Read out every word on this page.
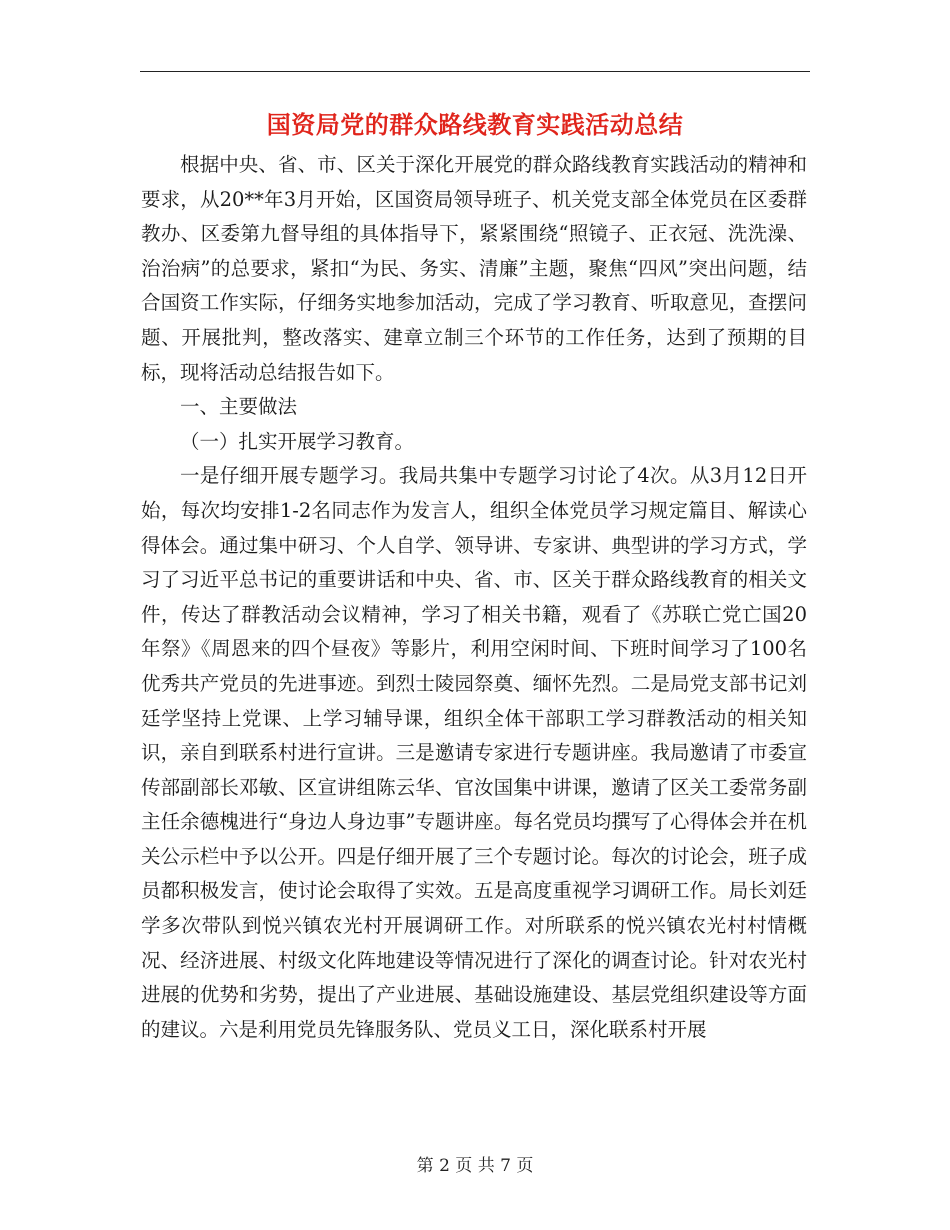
国资局党的群众路线教育实践活动总结

根据中央、省、市、区关于深化开展党的群众路线教育实践活动的精神和要求，从20**年3月开始，区国资局领导班子、机关党支部全体党员在区委群教办、区委第九督导组的具体指导下，紧紧围绕“照镜子、正衣冠、洗洗澡、治治病”的总要求，紧扣“为民、务实、清廉”主题，聚焦“四风”突出问题，结合国资工作实际，仔细务实地参加活动，完成了学习教育、听取意见，查摆问题、开展批判，整改落实、建章立制三个环节的工作任务，达到了预期的目标，现将活动总结报告如下。

一、主要做法

（一）扎实开展学习教育。

一是仔细开展专题学习。我局共集中专题学习讨论了4次。从3月12日开始，每次均安排1-2名同志作为发言人，组织全体党员学习规定篇目、解读心得体会。通过集中研习、个人自学、领导讲、专家讲、典型讲的学习方式，学习了习近平总书记的重要讲话和中央、省、市、区关于群众路线教育的相关文件，传达了群教活动会议精神，学习了相关书籍，观看了《苏联亡党亡国20年祭》《周恩来的四个昼夜》等影片，利用空闲时间、下班时间学习了100名优秀共产党员的先进事迹。到烈士陵园祭奠、缅怀先烈。二是局党支部书记刘廷学坚持上党课、上学习辅导课，组织全体干部职工学习群教活动的相关知识，亲自到联系村进行宣讲。三是邀请专家进行专题讲座。我局邀请了市委宣传部副部长邓敏、区宣讲组陈云华、官汝国集中讲课，邀请了区关工委常务副主任余德槐进行“身边人身边事”专题讲座。每名党员均撰写了心得体会并在机关公示栏中予以公开。四是仔细开展了三个专题讨论。每次的讨论会，班子成员都积极发言，使讨论会取得了实效。五是高度重视学习调研工作。局长刘廷学多次带队到悦兴镇农光村开展调研工作。对所联系的悦兴镇农光村村情概况、经济进展、村级文化阵地建设等情况进行了深化的调查讨论。针对农光村进展的优势和劣势，提出了产业进展、基础设施建设、基层党组织建设等方面的建议。六是利用党员先锋服务队、党员义工日，深化联系村开展

第 2 页 共 7 页
